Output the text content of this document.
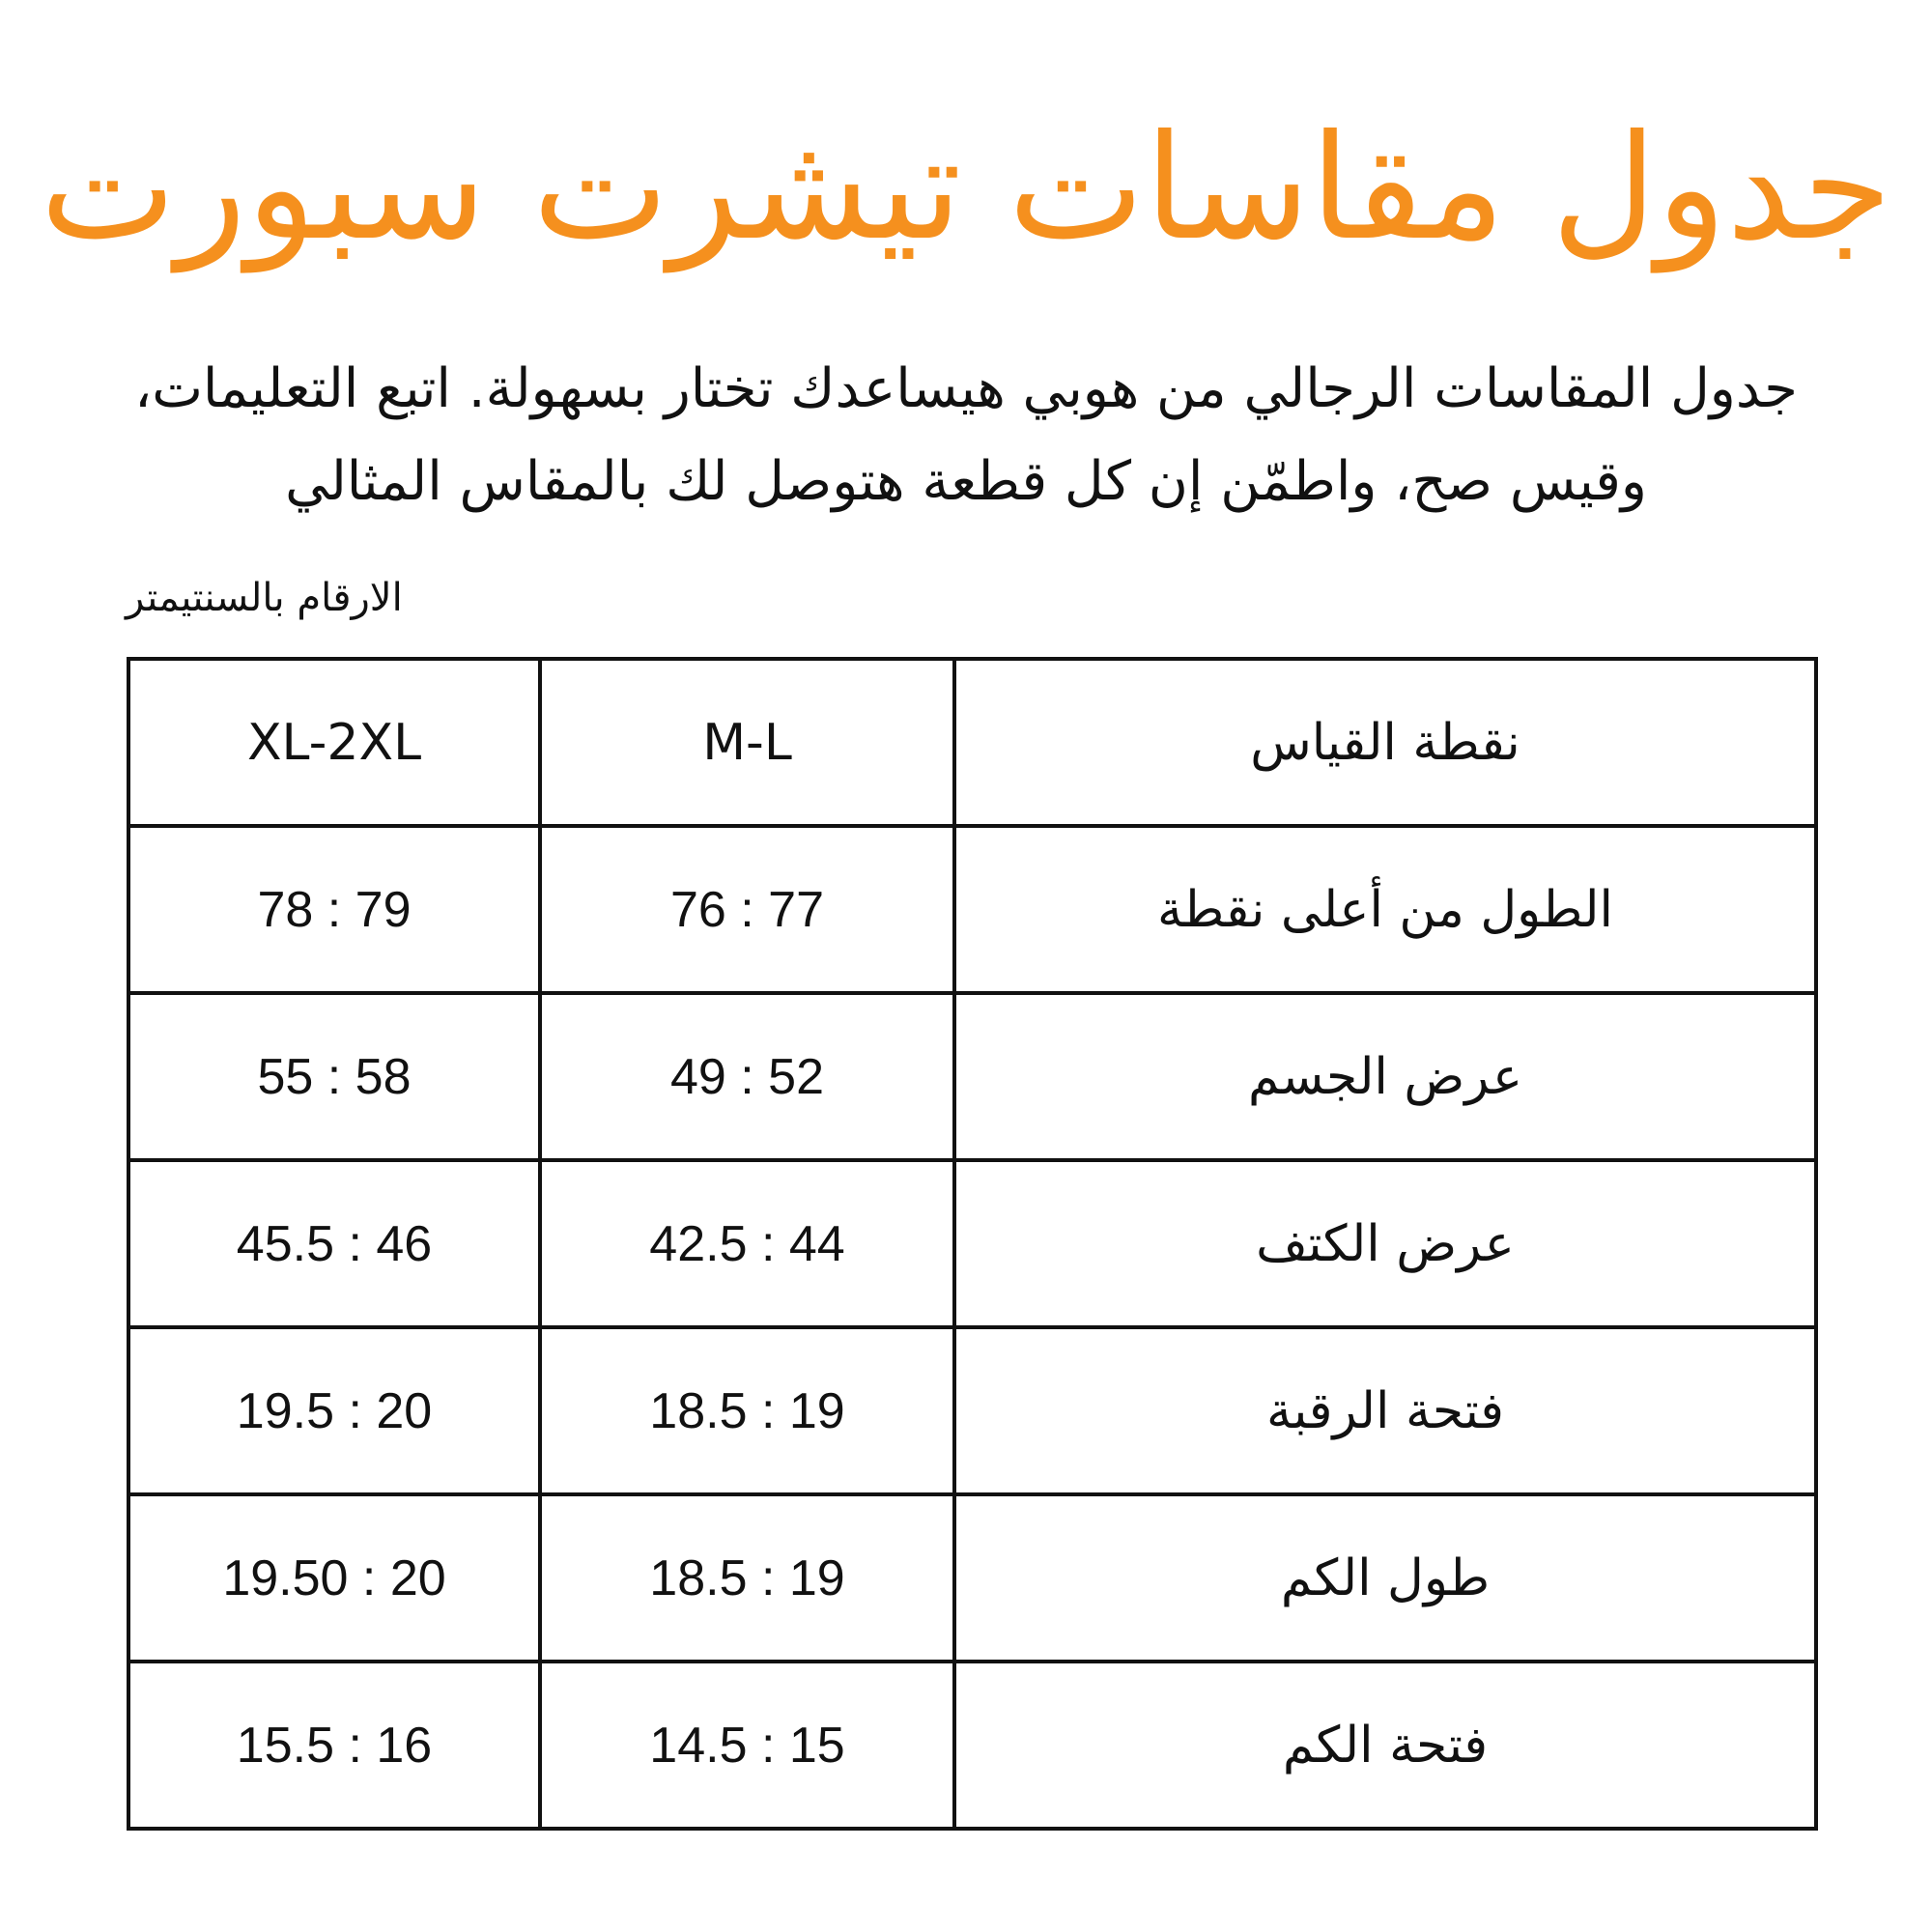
جدول مقاسات تيشرت سبورت
جدول المقاسات الرجالي من هوبي هيساعدك تختار بسهولة. اتبع التعليمات،
وقيس صح، واطمّن إن كل قطعة هتوصل لك بالمقاس المثالي
الارقام بالسنتيمتر
XL-2XL	M-L	نقطة القياس
78 : 79	76 : 77	الطول من أعلى نقطة
55 : 58	49 : 52	عرض الجسم
45.5 : 46	42.5 : 44	عرض الكتف
19.5 : 20	18.5 : 19	فتحة الرقبة
19.50 : 20	18.5 : 19	طول الكم
15.5 : 16	14.5 : 15	فتحة الكم
